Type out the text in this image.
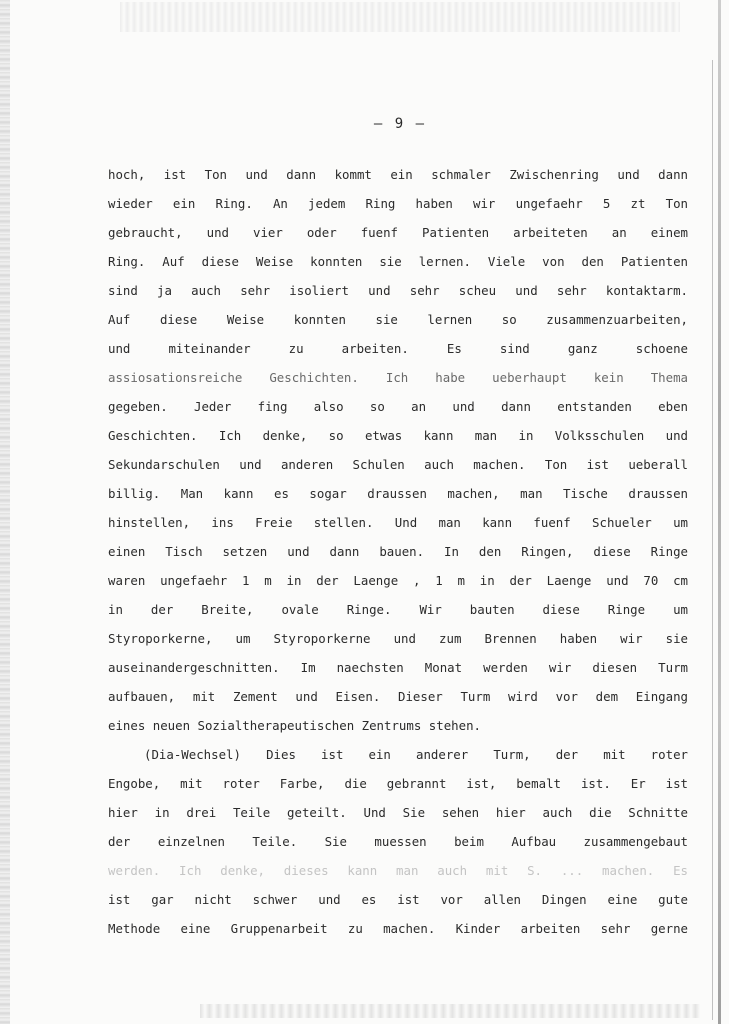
– 9 –
hoch, ist Ton und dann kommt ein schmaler Zwischenring und dann
wieder ein Ring. An jedem Ring haben wir ungefaehr 5 zt Ton
gebraucht, und vier oder fuenf Patienten arbeiteten an einem
Ring. Auf diese Weise konnten sie lernen. Viele von den Patienten
sind ja auch sehr isoliert und sehr scheu und sehr kontaktarm.
Auf diese Weise konnten sie lernen so zusammenzuarbeiten,
und miteinander zu arbeiten. Es sind ganz schoene
assiosationsreiche Geschichten. Ich habe ueberhaupt kein Thema
gegeben. Jeder fing also so an und dann entstanden eben
Geschichten. Ich denke, so etwas kann man in Volksschulen und
Sekundarschulen und anderen Schulen auch machen. Ton ist ueberall
billig. Man kann es sogar draussen machen, man Tische draussen
hinstellen, ins Freie stellen. Und man kann fuenf Schueler um
einen Tisch setzen und dann bauen. In den Ringen, diese Ringe
waren ungefaehr 1 m in der Laenge , 1 m in der Laenge und 70 cm
in der Breite, ovale Ringe. Wir bauten diese Ringe um
Styroporkerne, um Styroporkerne und zum Brennen haben wir sie
auseinandergeschnitten. Im naechsten Monat werden wir diesen Turm
aufbauen, mit Zement und Eisen. Dieser Turm wird vor dem Eingang
eines neuen Sozialtherapeutischen Zentrums stehen.
(Dia-Wechsel) Dies ist ein anderer Turm, der mit roter
Engobe, mit roter Farbe, die gebrannt ist, bemalt ist. Er ist
hier in drei Teile geteilt. Und Sie sehen hier auch die Schnitte
der einzelnen Teile. Sie muessen beim Aufbau zusammengebaut
werden. Ich denke, dieses kann man auch mit S. ... machen. Es
ist gar nicht schwer und es ist vor allen Dingen eine gute
Methode eine Gruppenarbeit zu machen. Kinder arbeiten sehr gerne
